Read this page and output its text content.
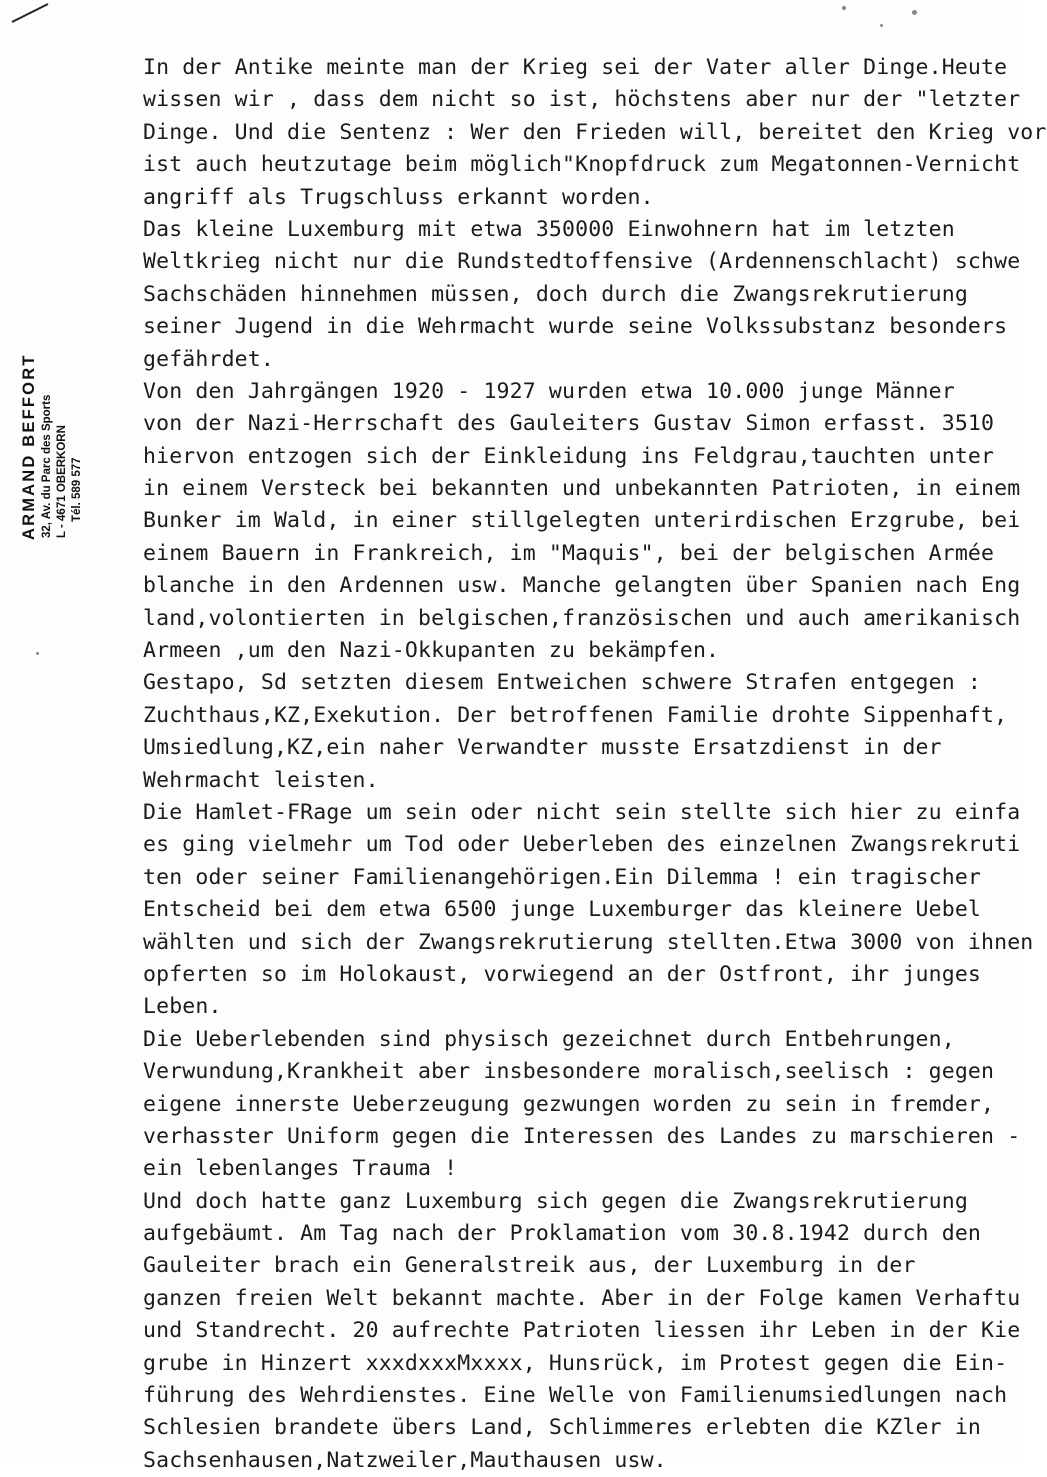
ARMAND BEFFORT 32, Av. du Parc des Sports L - 4671 OBERKORN Tél. 589 577
In der Antike meinte man der Krieg sei der Vater aller Dinge.Heute
wissen wir , dass dem nicht so ist, höchstens aber nur der "letzter
Dinge. Und die Sentenz : Wer den Frieden will, bereitet den Krieg vor
ist auch heutzutage beim möglich"Knopfdruck zum Megatonnen-Vernicht
angriff als Trugschluss erkannt worden.
Das kleine Luxemburg mit etwa 350000 Einwohnern hat im letzten
Weltkrieg nicht nur die Rundstedtoffensive (Ardennenschlacht) schwe
Sachschäden hinnehmen müssen, doch durch die Zwangsrekrutierung
seiner Jugend in die Wehrmacht wurde seine Volkssubstanz besonders
gefährdet.
Von den Jahrgängen 1920 - 1927 wurden etwa 10.000 junge Männer
von der Nazi-Herrschaft des Gauleiters Gustav Simon erfasst. 3510
hiervon entzogen sich der Einkleidung ins Feldgrau,tauchten unter
in einem Versteck bei bekannten und unbekannten Patrioten, in einem
Bunker im Wald, in einer stillgelegten unterirdischen Erzgrube, bei
einem Bauern in Frankreich, im "Maquis", bei der belgischen Armée
blanche in den Ardennen usw. Manche gelangten über Spanien nach Eng
land,volontierten in belgischen,französischen und auch amerikanisch
Armeen ,um den Nazi-Okkupanten zu bekämpfen.
Gestapo, Sd setzten diesem Entweichen schwere Strafen entgegen :
Zuchthaus,KZ,Exekution. Der betroffenen Familie drohte Sippenhaft,
Umsiedlung,KZ,ein naher Verwandter musste Ersatzdienst in der
Wehrmacht leisten.
Die Hamlet-FRage um sein oder nicht sein stellte sich hier zu einfa
es ging vielmehr um Tod oder Ueberleben des einzelnen Zwangsrekruti
ten oder seiner Familienangehörigen.Ein Dilemma ! ein tragischer
Entscheid bei dem etwa 6500 junge Luxemburger das kleinere Uebel
wählten und sich der Zwangsrekrutierung stellten.Etwa 3000 von ihnen
opferten so im Holokaust, vorwiegend an der Ostfront, ihr junges
Leben.
Die Ueberlebenden sind physisch gezeichnet durch Entbehrungen,
Verwundung,Krankheit aber insbesondere moralisch,seelisch : gegen
eigene innerste Ueberzeugung gezwungen worden zu sein in fremder,
verhasster Uniform gegen die Interessen des Landes zu marschieren -
ein lebenlanges Trauma !
Und doch hatte ganz Luxemburg sich gegen die Zwangsrekrutierung
aufgebäumt. Am Tag nach der Proklamation vom 30.8.1942 durch den
Gauleiter brach ein Generalstreik aus, der Luxemburg in der
ganzen freien Welt bekannt machte. Aber in der Folge kamen Verhaftu
und Standrecht. 20 aufrechte Patrioten liessen ihr Leben in der Kie
grube in Hinzert xxxdxxxMxxxx, Hunsrück, im Protest gegen die Ein-
führung des Wehrdienstes. Eine Welle von Familienumsiedlungen nach
Schlesien brandete übers Land, Schlimmeres erlebten die KZler in
Sachsenhausen,Natzweiler,Mauthausen usw.
